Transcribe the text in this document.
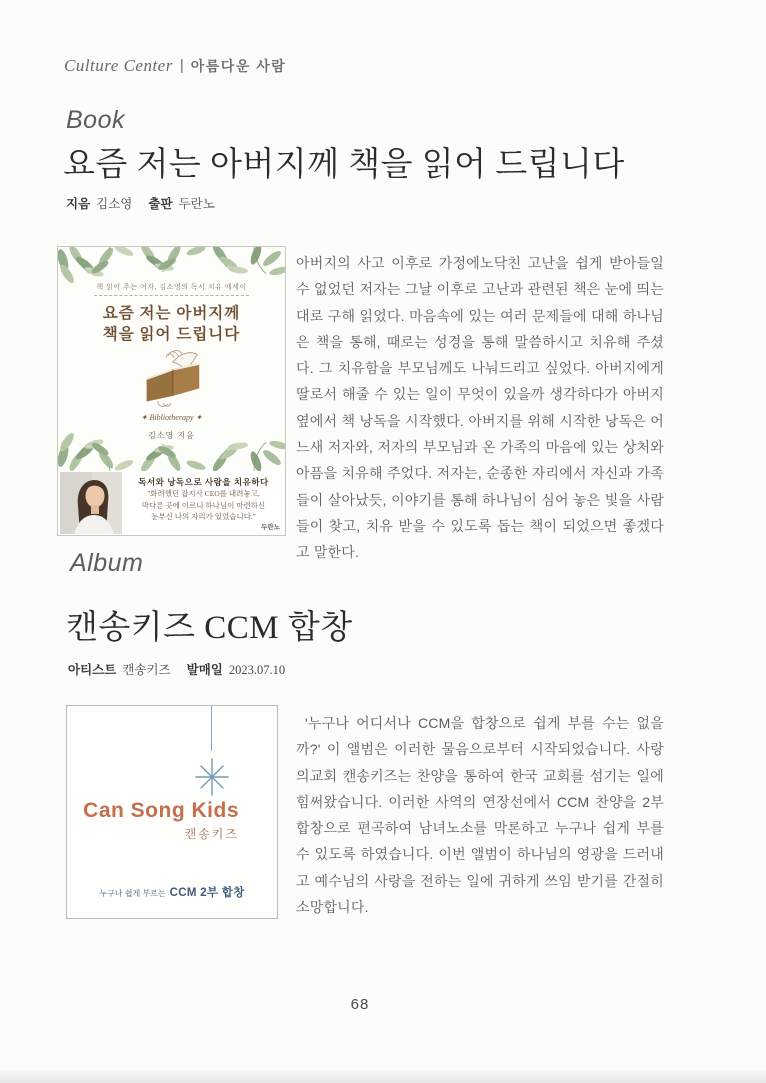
Culture Center | 아름다운 사람
Book
요즘 저는 아버지께 책을 읽어 드립니다
지음 김소영 출판 두란노
책 읽어 주는 여자, 김소영의 독서 치유 에세이
요즘 저는 아버지께
책을 읽어 드립니다
✦ Bibliotherapy ✦
김소영 지음
독서와 낭독으로 사람을 치유하다
"화려했던 잡지사 CEO를 내려놓고,
막다른 곳에 이르니 하나님이 마련하신
눈부신 나의 자리가 있었습니다."
두란노

아버지의 사고 이후로 가정에노닥친 고난을 쉽게 받아들일 수 없었던 저자는 그날 이후로 고난과 관련된 책은 눈에 띄는 대로 구해 읽었다. 마음속에 있는 여러 문제들에 대해 하나님은 책을 통해, 때로는 성경을 통해 말씀하시고 치유해 주셨다. 그 치유함을 부모님께도 나눠드리고 싶었다. 아버지에게 딸로서 해줄 수 있는 일이 무엇이 있을까 생각하다가 아버지 옆에서 책 낭독을 시작했다. 아버지를 위해 시작한 낭독은 어느새 저자와, 저자의 부모님과 온 가족의 마음에 있는 상처와 아픔을 치유해 주었다. 저자는, 순종한 자리에서 자신과 가족들이 살아났듯, 이야기를 통해 하나님이 심어 놓은 빛을 사람들이 찾고, 치유 받을 수 있도록 돕는 책이 되었으면 좋겠다고 말한다.

Album
캔송키즈 CCM 합창
아티스트 캔송키즈 발매일 2023.07.10
Can Song Kids
캔송키즈
누구나 쉽게 부르는 CCM 2부 합창

'누구나 어디서나 CCM을 합창으로 쉽게 부를 수는 없을까?' 이 앨범은 이러한 물음으로부터 시작되었습니다. 사랑의교회 캔송키즈는 찬양을 통하여 한국 교회를 섬기는 일에 힘써왔습니다. 이러한 사역의 연장선에서 CCM 찬양을 2부 합창으로 편곡하여 남녀노소를 막론하고 누구나 쉽게 부를 수 있도록 하였습니다. 이번 앨범이 하나님의 영광을 드러내고 예수님의 사랑을 전하는 일에 귀하게 쓰임 받기를 간절히 소망합니다.

68
